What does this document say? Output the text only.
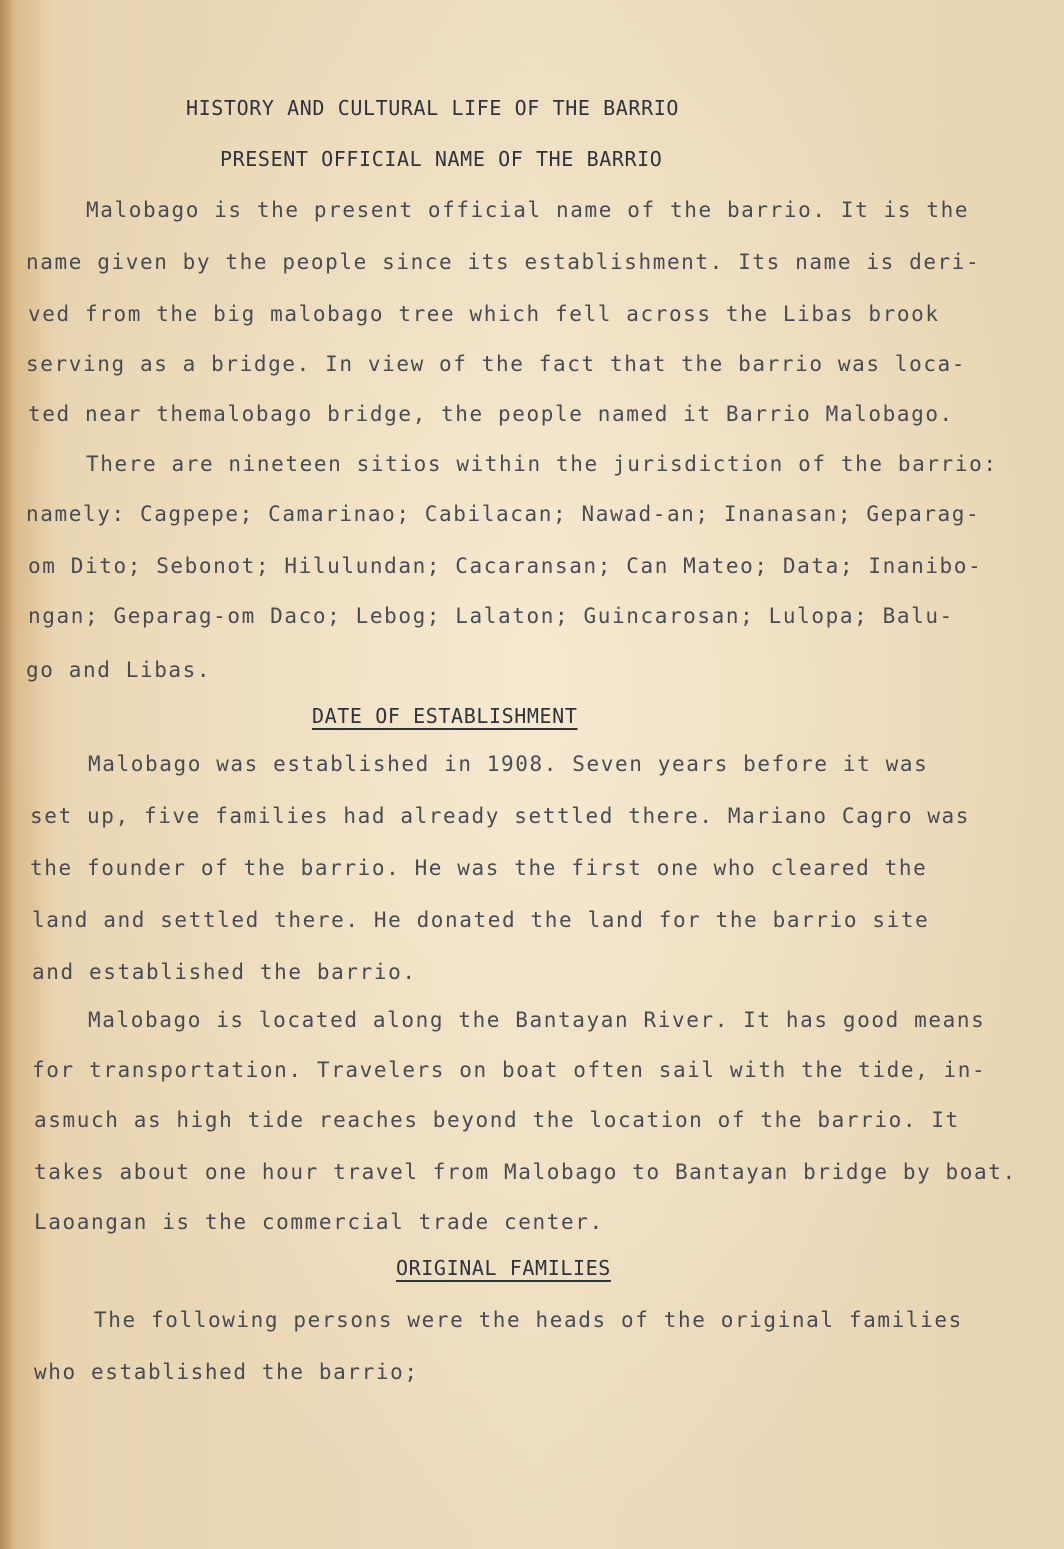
HISTORY AND CULTURAL LIFE OF THE BARRIO
PRESENT OFFICIAL NAME OF THE BARRIO
Malobago is the present official name of the barrio. It is the
name given by the people since its establishment. Its name is deri-
ved from the big malobago tree which fell across the Libas brook
serving as a bridge. In view of the fact that the barrio was loca-
ted near themalobago bridge, the people named it Barrio Malobago.
There are nineteen sitios within the jurisdiction of the barrio:
namely: Cagpepe; Camarinao; Cabilacan; Nawad-an; Inanasan; Geparag-
om Dito; Sebonot; Hilulundan; Cacaransan; Can Mateo; Data; Inanibo-
ngan; Geparag-om Daco; Lebog; Lalaton; Guincarosan; Lulopa; Balu-
go and Libas.
DATE OF ESTABLISHMENT
Malobago was established in 1908. Seven years before it was
set up, five families had already settled there. Mariano Cagro was
the founder of the barrio. He was the first one who cleared the
land and settled there. He donated the land for the barrio site
and established the barrio.
Malobago is located along the Bantayan River. It has good means
for transportation. Travelers on boat often sail with the tide, in-
asmuch as high tide reaches beyond the location of the barrio. It
takes about one hour travel from Malobago to Bantayan bridge by boat.
Laoangan is the commercial trade center.
ORIGINAL FAMILIES
The following persons were the heads of the original families
who established the barrio;
